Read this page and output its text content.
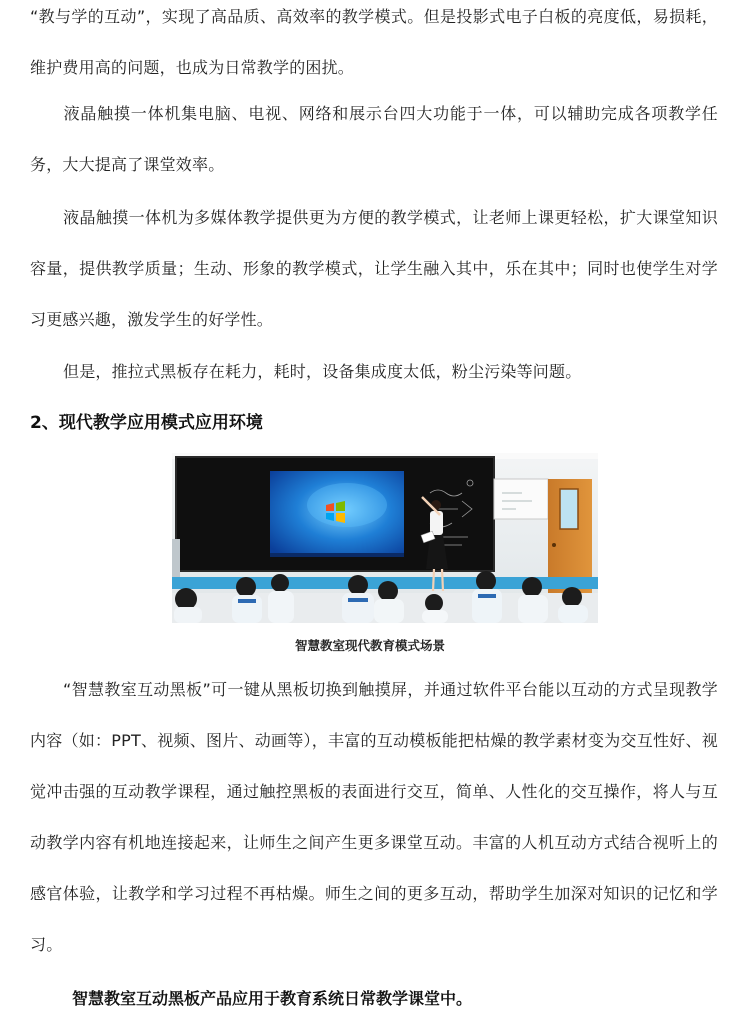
“教与学的互动”，实现了高品质、高效率的教学模式。但是投影式电子白板的亮度低，易损耗，维护费用高的问题，也成为日常教学的困扰。

液晶触摸一体机集电脑、电视、网络和展示台四大功能于一体，可以辅助完成各项教学任务，大大提高了课堂效率。

液晶触摸一体机为多媒体教学提供更为方便的教学模式，让老师上课更轻松，扩大课堂知识容量，提供教学质量；生动、形象的教学模式，让学生融入其中，乐在其中；同时也使学生对学习更感兴趣，激发学生的好学性。

但是，推拉式黑板存在耗力，耗时，设备集成度太低，粉尘污染等问题。

2、现代教学应用模式应用环境

智慧教室现代教育模式场景

“智慧教室互动黑板”可一键从黑板切换到触摸屏，并通过软件平台能以互动的方式呈现教学内容（如：PPT、视频、图片、动画等），丰富的互动模板能把枯燥的教学素材变为交互性好、视觉冲击强的互动教学课程，通过触控黑板的表面进行交互，简单、人性化的交互操作，将人与互动教学内容有机地连接起来，让师生之间产生更多课堂互动。丰富的人机互动方式结合视听上的感官体验，让教学和学习过程不再枯燥。师生之间的更多互动，帮助学生加深对知识的记忆和学习。

智慧教室互动黑板产品应用于教育系统日常教学课堂中。
